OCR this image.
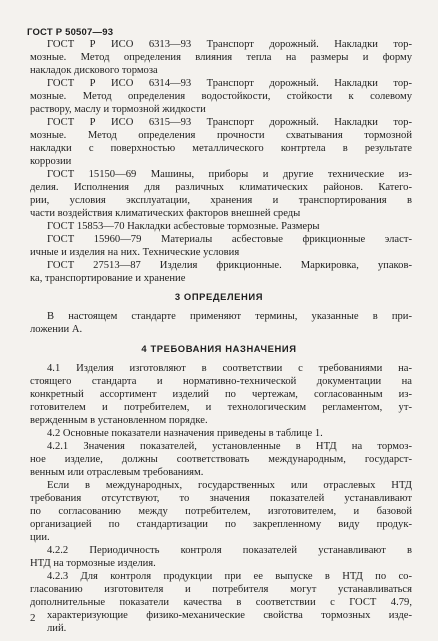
ГОСТ Р 50507—93
ГОСТ Р ИСО 6313—93 Транспорт дорожный. Накладки тор-
мозные. Метод определения влияния тепла на размеры и форму
накладок дискового тормоза
ГОСТ Р ИСО 6314—93 Транспорт дорожный. Накладки тор-
мозные. Метод определения водостойкости, стойкости к солевому
раствору, маслу и тормозной жидкости
ГОСТ Р ИСО 6315—93 Транспорт дорожный. Накладки тор-
мозные. Метод определения прочности схватывания тормозной
накладки с поверхностью металлического контртела в результате
коррозии
ГОСТ 15150—69 Машины, приборы и другие технические из-
делия. Исполнения для различных климатических районов. Катего-
рии, условия эксплуатации, хранения и транспортирования в
части воздействия климатических факторов внешней среды
ГОСТ 15853—70 Накладки асбестовые тормозные. Размеры
ГОСТ 15960—79 Материалы асбестовые фрикционные эласт-
ичные и изделия на них. Технические условия
ГОСТ 27513—87 Изделия фрикционные. Маркировка, упаков-
ка, транспортирование и хранение
3 ОПРЕДЕЛЕНИЯ
В настоящем стандарте применяют термины, указанные в при-
ложении А.
4 ТРЕБОВАНИЯ НАЗНАЧЕНИЯ
4.1 Изделия изготовляют в соответствии с требованиями на-
стоящего стандарта и нормативно-технической документации на
конкретный ассортимент изделий по чертежам, согласованным из-
готовителем и потребителем, и технологическим регламентом, ут-
вержденным в установленном порядке.
4.2 Основные показатели назначения приведены в таблице 1.
4.2.1 Значения показателей, установленные в НТД на тормоз-
ное изделие, должны соответствовать международным, государст-
венным или отраслевым требованиям.
Если в международных, государственных или отраслевых НТД
требования отсутствуют, то значения показателей устанавливают
по согласованию между потребителем, изготовителем, и базовой
организацией по стандартизации по закрепленному виду продук-
ции.
4.2.2 Периодичность контроля показателей устанавливают в
НТД на тормозные изделия.
4.2.3 Для контроля продукции при ее выпуске в НТД по со-
гласованию изготовителя и потребителя могут устанавливаться
дополнительные показатели качества в соответствии с ГОСТ 4.79,
характеризующие физико-механические свойства тормозных изде-
лий.
2
